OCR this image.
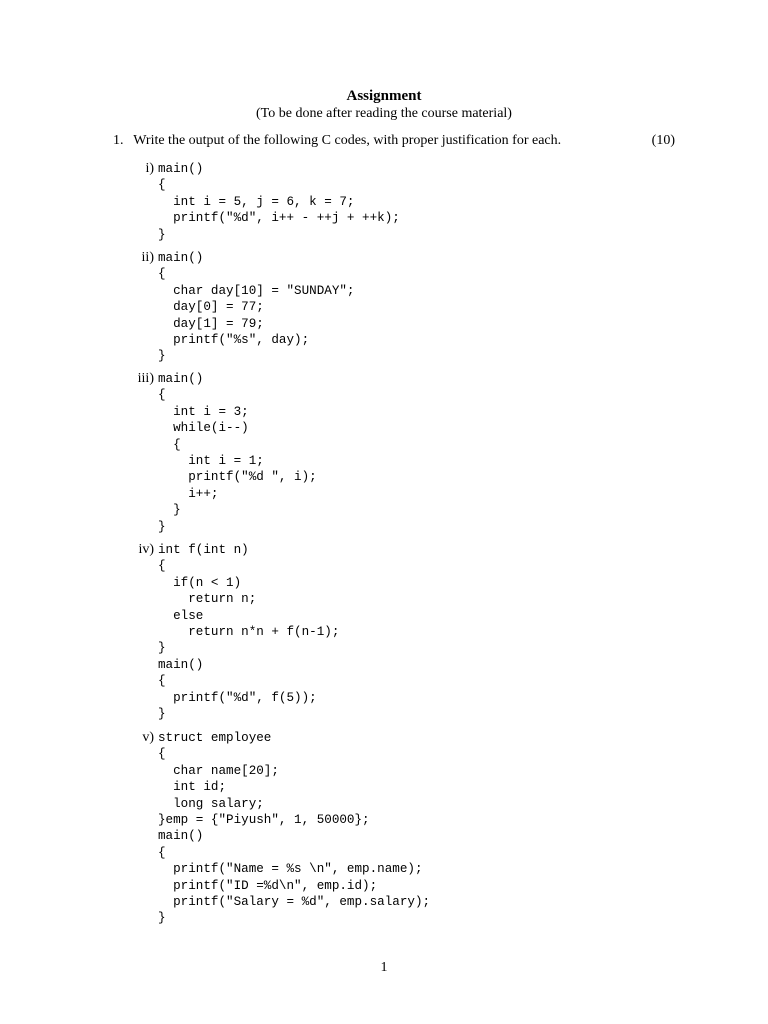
Assignment
(To be done after reading the course material)
1. Write the output of the following C codes, with proper justification for each.	(10)
i) main()
{
int i = 5, j = 6, k = 7;
printf("%d", i++ - ++j + ++k);
}
ii) main()
{
char day[10] = "SUNDAY";
day[0] = 77;
day[1] = 79;
printf("%s", day);
}
iii) main()
{
int i = 3;
while(i--)
{
int i = 1;
printf("%d ", i);
i++;
}
}
iv) int f(int n)
{
if(n < 1)
return n;
else
return n*n + f(n-1);
}
main()
{
printf("%d", f(5));
}
v) struct employee
{
char name[20];
int id;
long salary;
}emp = {"Piyush", 1, 50000};
main()
{
printf("Name = %s \n", emp.name);
printf("ID =%d\n", emp.id);
printf("Salary = %d", emp.salary);
}
1
